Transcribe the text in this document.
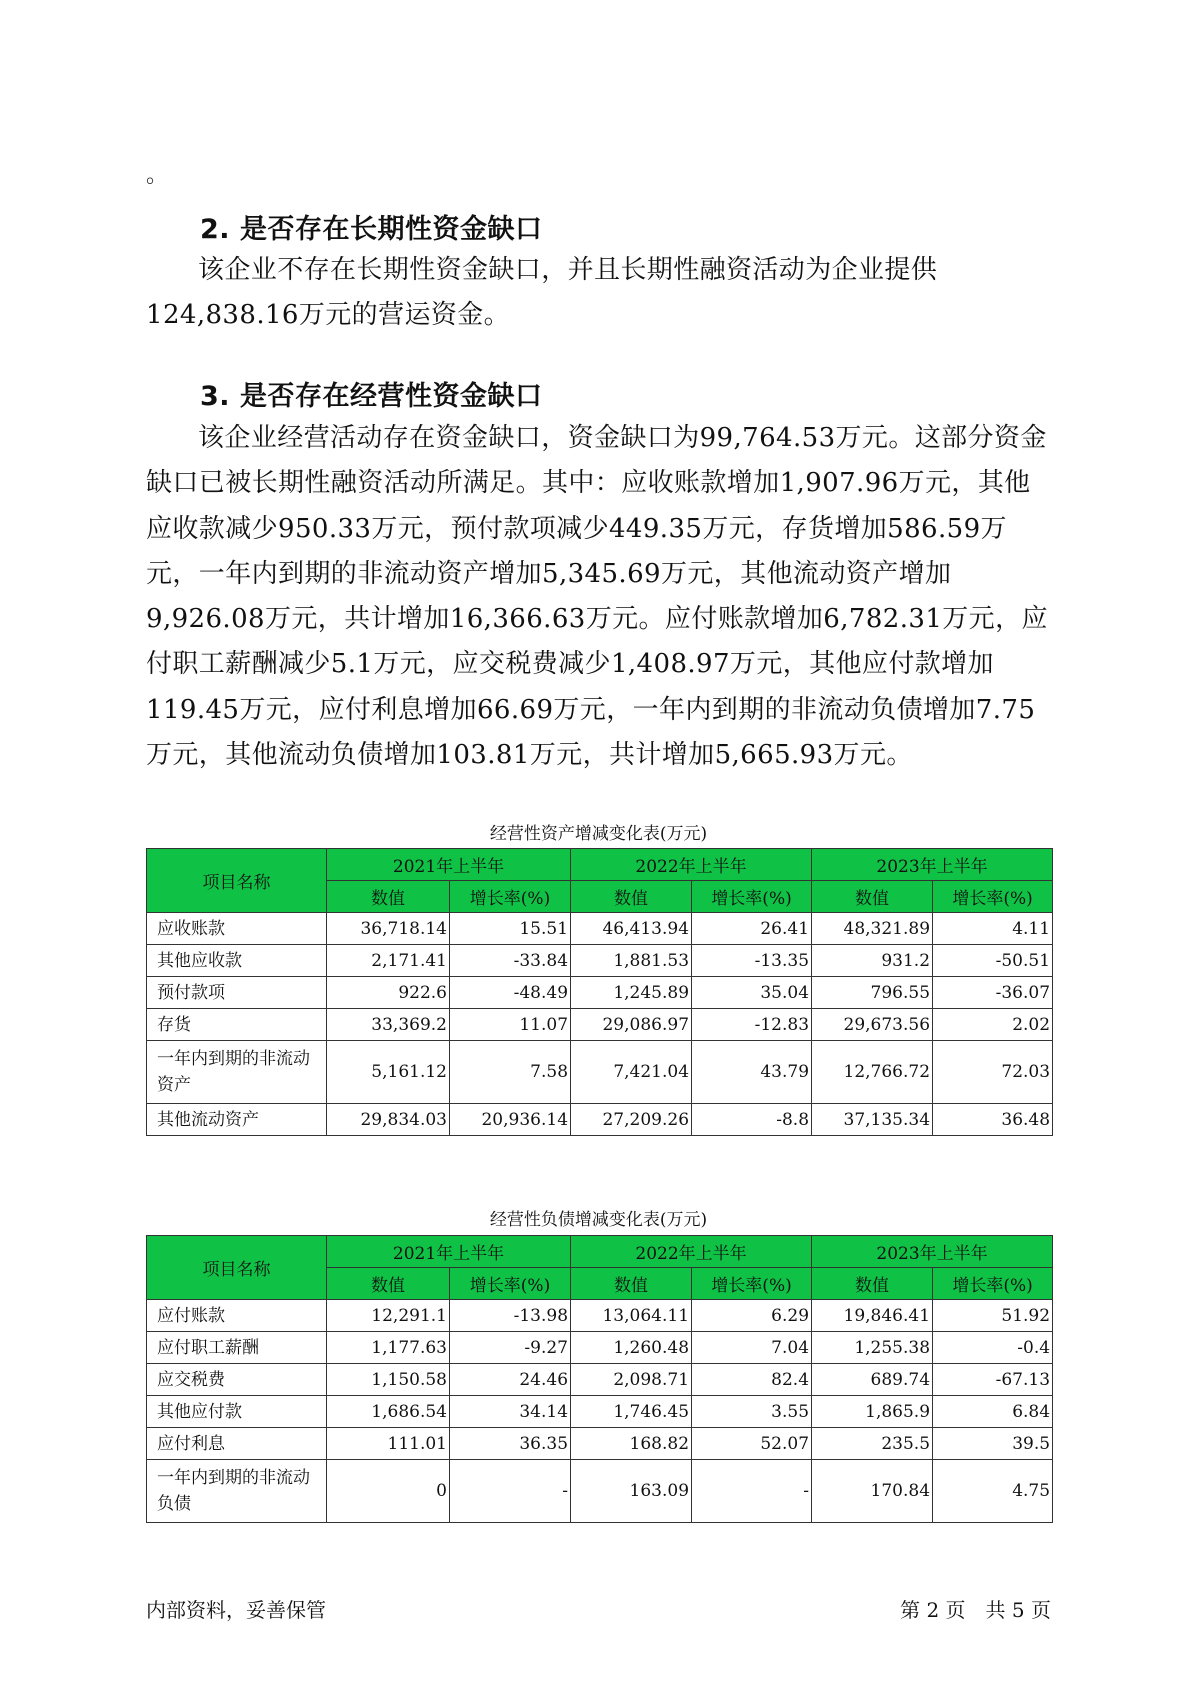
。
2. 是否存在长期性资金缺口

该企业不存在长期性资金缺口，并且长期性融资活动为企业提供124,838.16万元的营运资金。

3. 是否存在经营性资金缺口

该企业经营活动存在资金缺口，资金缺口为99,764.53万元。这部分资金缺口已被长期性融资活动所满足。其中：应收账款增加1,907.96万元，其他应收款减少950.33万元，预付款项减少449.35万元，存货增加586.59万元，一年内到期的非流动资产增加5,345.69万元，其他流动资产增加9,926.08万元，共计增加16,366.63万元。应付账款增加6,782.31万元，应付职工薪酬减少5.1万元，应交税费减少1,408.97万元，其他应付款增加119.45万元，应付利息增加66.69万元，一年内到期的非流动负债增加7.75万元，其他流动负债增加103.81万元，共计增加5,665.93万元。

经营性资产增减变化表(万元)
项目名称	2021年上半年		2022年上半年		2023年上半年	
	数值	增长率(%)	数值	增长率(%)	数值	增长率(%)
应收账款	36,718.14	15.51	46,413.94	26.41	48,321.89	4.11
其他应收款	2,171.41	-33.84	1,881.53	-13.35	931.2	-50.51
预付款项	922.6	-48.49	1,245.89	35.04	796.55	-36.07
存货	33,369.2	11.07	29,086.97	-12.83	29,673.56	2.02
一年内到期的非流动资产	5,161.12	7.58	7,421.04	43.79	12,766.72	72.03
其他流动资产	29,834.03	20,936.14	27,209.26	-8.8	37,135.34	36.48
经营性负债增减变化表(万元)
项目名称	2021年上半年		2022年上半年		2023年上半年	
	数值	增长率(%)	数值	增长率(%)	数值	增长率(%)
应付账款	12,291.1	-13.98	13,064.11	6.29	19,846.41	51.92
应付职工薪酬	1,177.63	-9.27	1,260.48	7.04	1,255.38	-0.4
应交税费	1,150.58	24.46	2,098.71	82.4	689.74	-67.13
其他应付款	1,686.54	34.14	1,746.45	3.55	1,865.9	6.84
应付利息	111.01	36.35	168.82	52.07	235.5	39.5
一年内到期的非流动负债	0	-	163.09	-	170.84	4.75
内部资料，妥善保管	第 2 页　共 5 页
